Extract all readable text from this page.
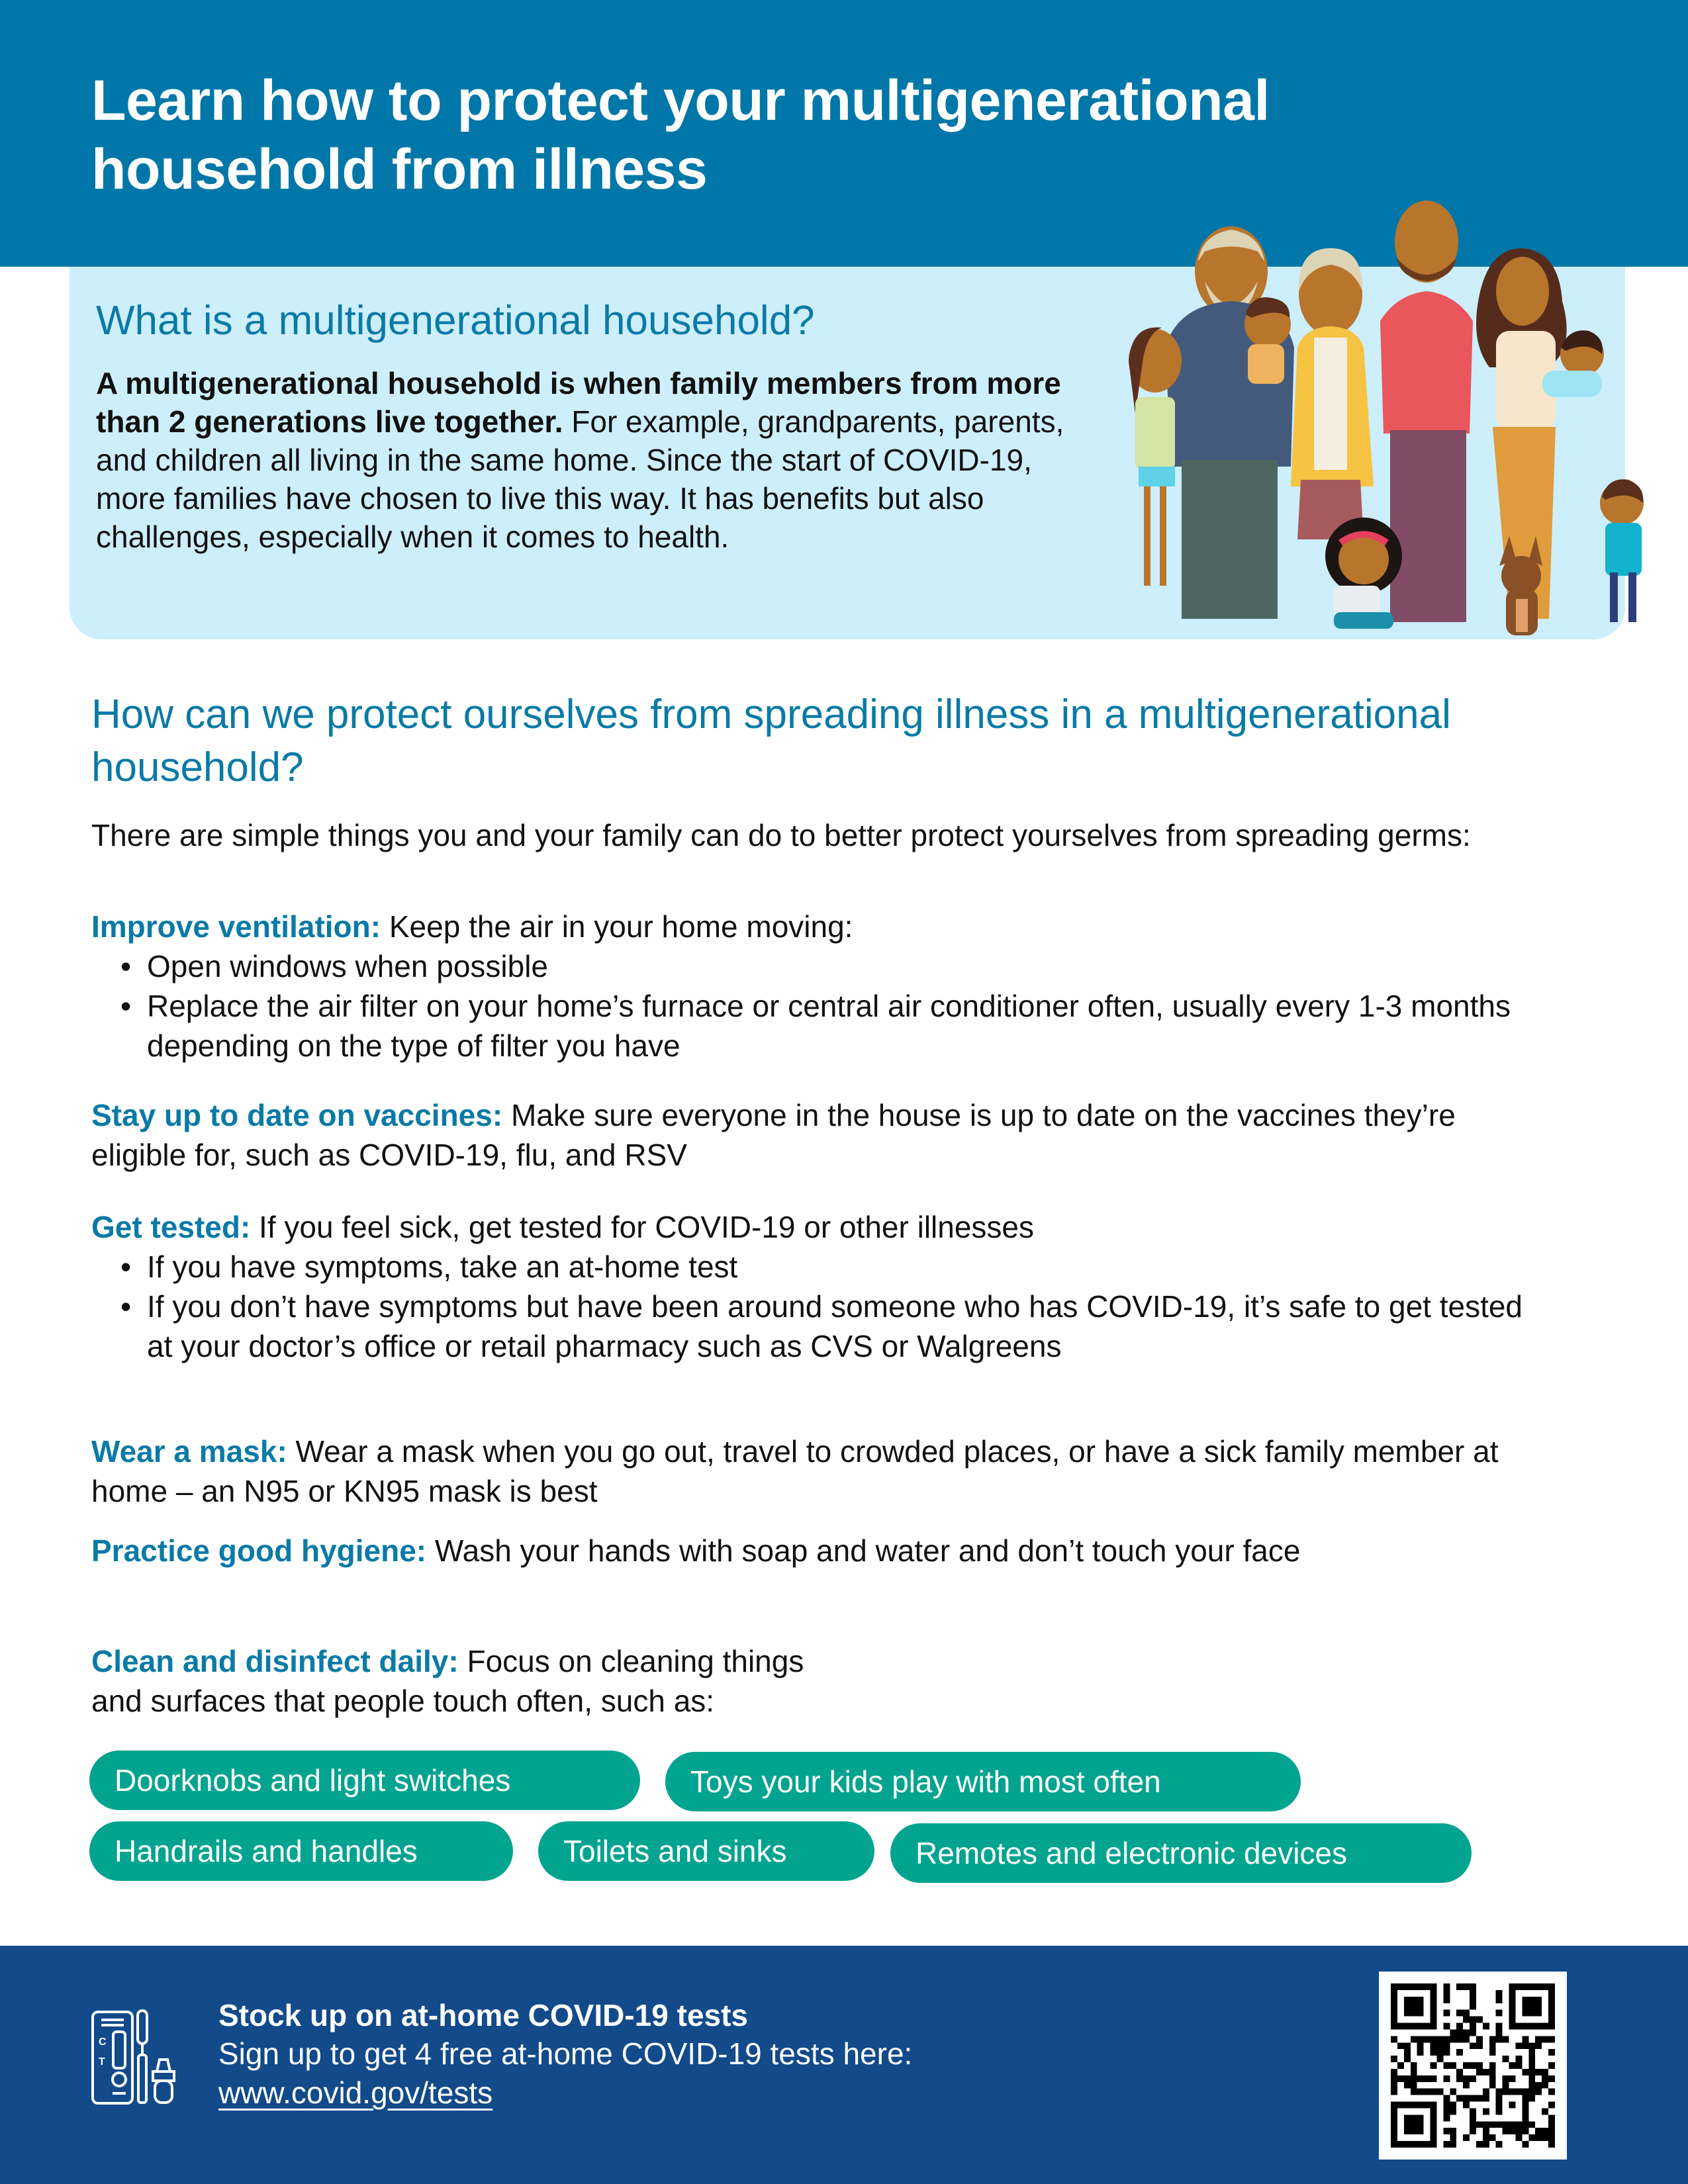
Learn how to protect your multigenerational
household from illness
What is a multigenerational household?

A multigenerational household is when family members from more than 2 generations live together. For example, grandparents, parents, and children all living in the same home. Since the start of COVID-19, more families have chosen to live this way. It has benefits but also challenges, especially when it comes to health.

How can we protect ourselves from spreading illness in a multigenerational household?

There are simple things you and your family can do to better protect yourselves from spreading germs:

Improve ventilation: Keep the air in your home moving:
• Open windows when possible
• Replace the air filter on your home’s furnace or central air conditioner often, usually every 1-3 months depending on the type of filter you have
Stay up to date on vaccines: Make sure everyone in the house is up to date on the vaccines they’re eligible for, such as COVID-19, flu, and RSV
Get tested: If you feel sick, get tested for COVID-19 or other illnesses
• If you have symptoms, take an at-home test
• If you don’t have symptoms but have been around someone who has COVID-19, it’s safe to get tested at your doctor’s office or retail pharmacy such as CVS or Walgreens
Wear a mask: Wear a mask when you go out, travel to crowded places, or have a sick family member at home – an N95 or KN95 mask is best
Practice good hygiene: Wash your hands with soap and water and don’t touch your face
Clean and disinfect daily: Focus on cleaning things
and surfaces that people touch often, such as:
Doorknobs and light switches	Toys your kids play with most often
Handrails and handles	Toilets and sinks	Remotes and electronic devices
C
T
Stock up on at-home COVID-19 tests
Sign up to get 4 free at-home COVID-19 tests here:
www.covid.gov/tests
